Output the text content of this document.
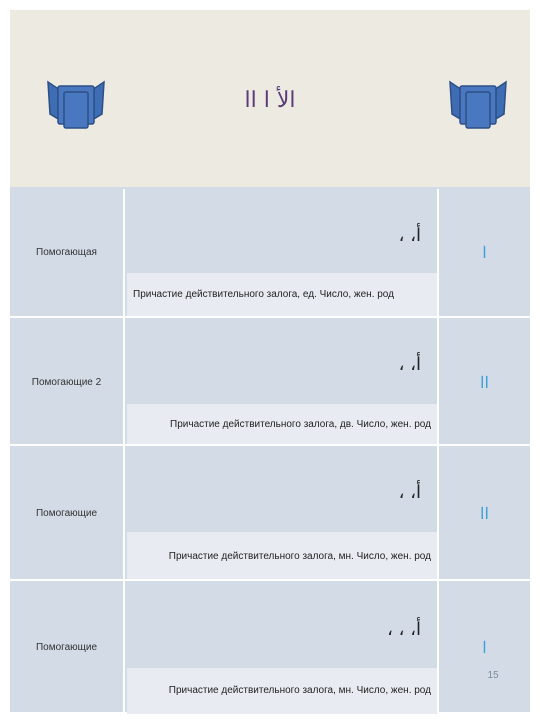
الأ ا اا
Помогающая
أ، ،
Причастие действительного залога, ед. Число, жен. род
ا
Помогающие 2
أ، ،
Причастие действительного залога, дв. Число, жен. род
اا
Помогающие
أ، ،
Причастие действительного залога, мн. Число, жен. род
اا
Помогающие
أ، ، ،
Причастие действительного залога, мн. Число, жен. род
ا
15
